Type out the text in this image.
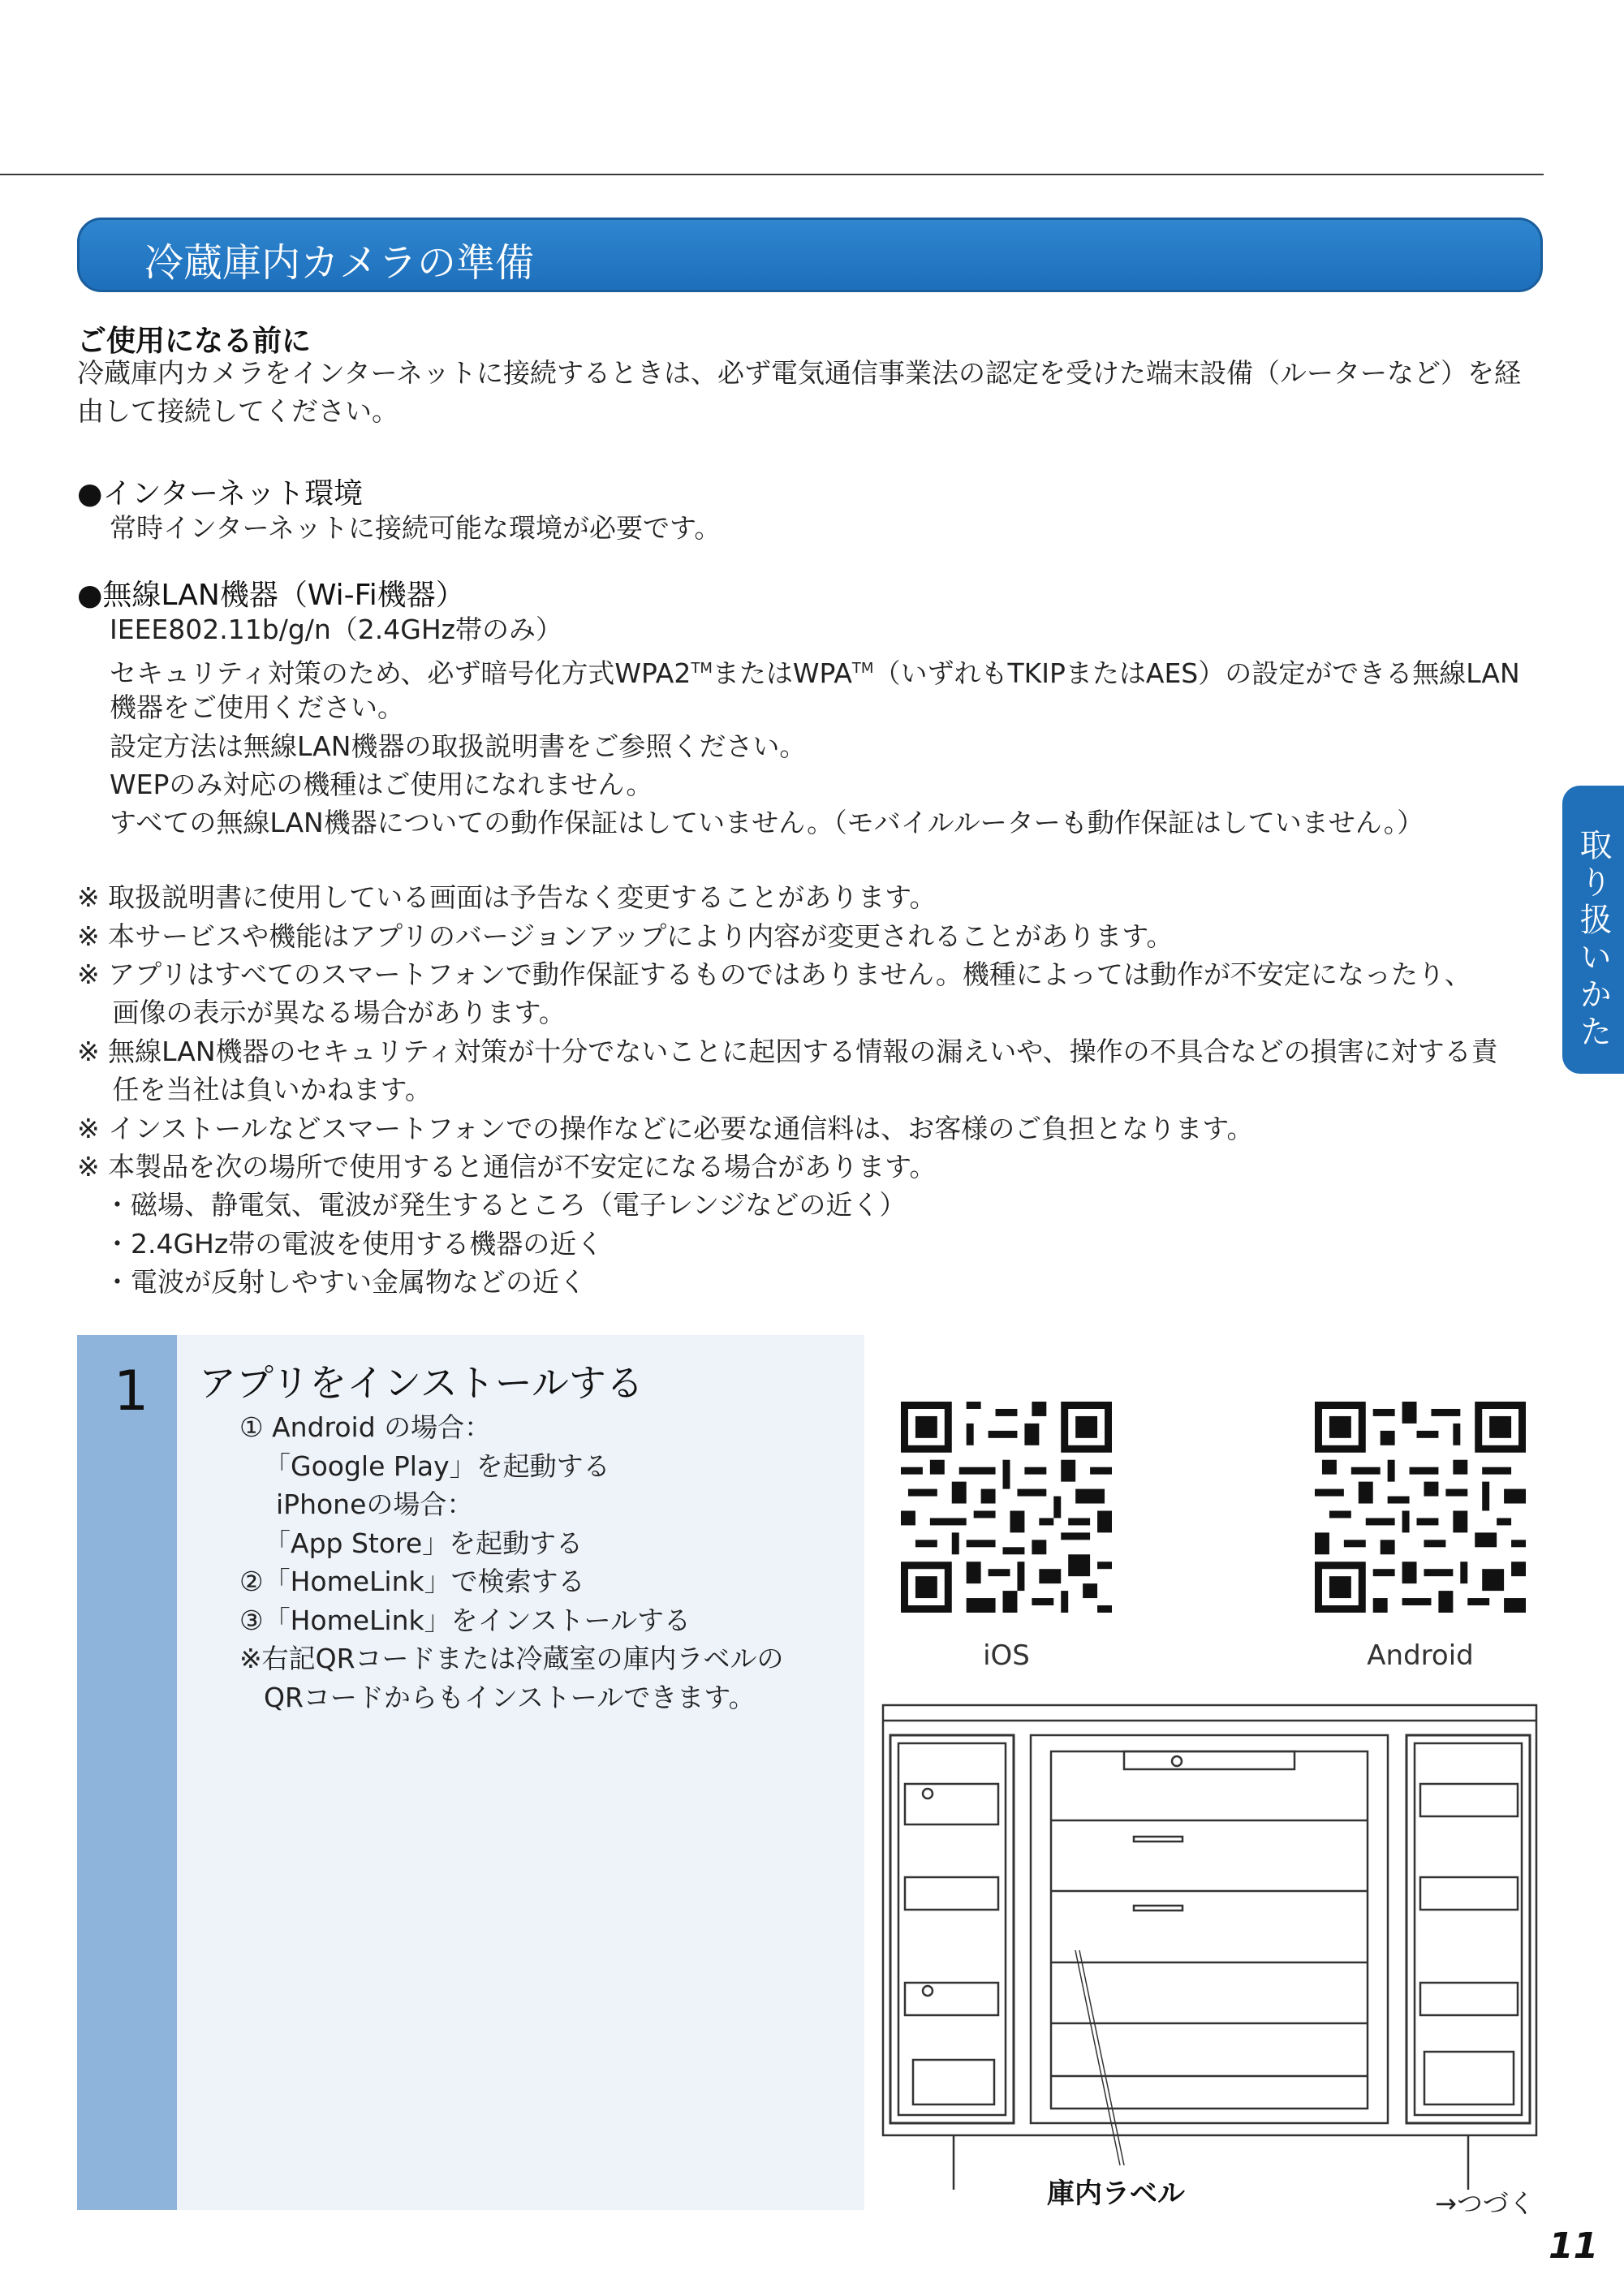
冷蔵庫内カメラの準備
ご使用になる前に
冷蔵庫内カメラをインターネットに接続するときは、必ず電気通信事業法の認定を受けた端末設備（ルーターなど）を経
由して接続してください。
●インターネット環境
常時インターネットに接続可能な環境が必要です。
●無線LAN機器（Wi-Fi機器）
IEEE802.11b/g/n（2.4GHz帯のみ）
セキュリティ対策のため、必ず暗号化方式WPA2™またはWPA™（いずれもTKIPまたはAES）の設定ができる無線LAN
機器をご使用ください。
設定方法は無線LAN機器の取扱説明書をご参照ください。
WEPのみ対応の機種はご使用になれません。
すべての無線LAN機器についての動作保証はしていません。（モバイルルーターも動作保証はしていません。）
※ 取扱説明書に使用している画面は予告なく変更することがあります。
※ 本サービスや機能はアプリのバージョンアップにより内容が変更されることがあります。
※ アプリはすべてのスマートフォンで動作保証するものではありません。機種によっては動作が不安定になったり、
　 画像の表示が異なる場合があります。
※ 無線LAN機器のセキュリティ対策が十分でないことに起因する情報の漏えいや、操作の不具合などの損害に対する責
　 任を当社は負いかねます。
※ インストールなどスマートフォンでの操作などに必要な通信料は、お客様のご負担となります。
※ 本製品を次の場所で使用すると通信が不安定になる場合があります。
　・磁場、静電気、電波が発生するところ（電子レンジなどの近く）
　・2.4GHz帯の電波を使用する機器の近く
　・電波が反射しやすい金属物などの近く
取り扱いかた
1 アプリをインストールする
① Android の場合：
「Google Play」を起動する
iPhoneの場合：
「App Store」を起動する
②「HomeLink」で検索する
③「HomeLink」をインストールする
※右記QRコードまたは冷蔵室の庫内ラベルの
QRコードからもインストールできます。
iOS	Android
庫内ラベル	→つづく
11
